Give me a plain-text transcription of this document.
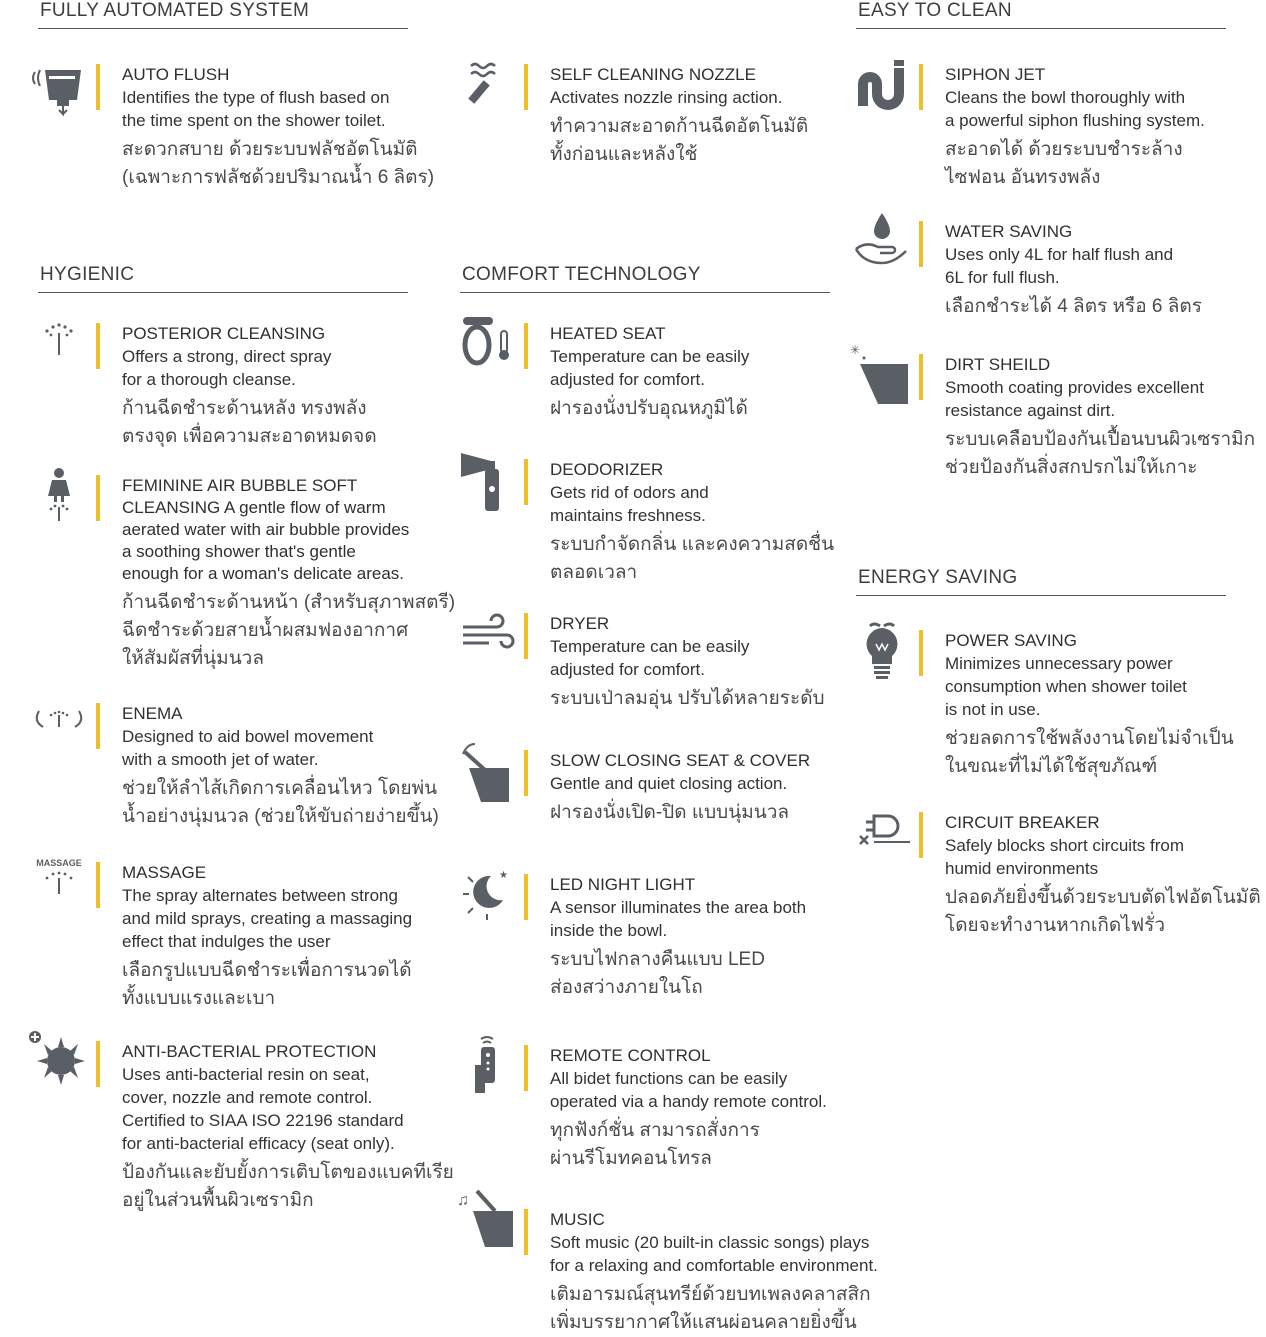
FULLY AUTOMATED SYSTEM	EASY TO CLEAN
HYGIENIC	COMFORT TECHNOLOGY
ENERGY SAVING
AUTO FLUSH
Identifies the type of flush based on
the time spent on the shower toilet.
สะดวกสบาย ด้วยระบบฟลัชอัตโนมัติ
(เฉพาะการฟลัชด้วยปริมาณน้ำ 6 ลิตร)
POSTERIOR CLEANSING
Offers a strong, direct spray
for a thorough cleanse.
ก้านฉีดชำระด้านหลัง ทรงพลัง
ตรงจุด เพื่อความสะอาดหมดจด
FEMININE AIR BUBBLE SOFT
CLEANSING A gentle flow of warm
aerated water with air bubble provides
a soothing shower that's gentle
enough for a woman's delicate areas.
ก้านฉีดชำระด้านหน้า (สำหรับสุภาพสตรี)
ฉีดชำระด้วยสายน้ำผสมฟองอากาศ
ให้สัมผัสที่นุ่มนวล
ENEMA
Designed to aid bowel movement
with a smooth jet of water.
ช่วยให้ลำไส้เกิดการเคลื่อนไหว โดยพ่น
น้ำอย่างนุ่มนวล (ช่วยให้ขับถ่ายง่ายขึ้น)
MASSAGE	MASSAGE
The spray alternates between strong
and mild sprays, creating a massaging
effect that indulges the user
เลือกรูปแบบฉีดชำระเพื่อการนวดได้
ทั้งแบบแรงและเบา
ANTI-BACTERIAL PROTECTION
Uses anti-bacterial resin on seat,
cover, nozzle and remote control.
Certified to SIAA ISO 22196 standard
for anti-bacterial efficacy (seat only).
ป้องกันและยับยั้งการเติบโตของแบคทีเรีย
อยู่ในส่วนพื้นผิวเซรามิก
SELF CLEANING NOZZLE
Activates nozzle rinsing action.
ทำความสะอาดก้านฉีดอัตโนมัติ
ทั้งก่อนและหลังใช้
HEATED SEAT
Temperature can be easily
adjusted for comfort.
ฝารองนั่งปรับอุณหภูมิได้
DEODORIZER
Gets rid of odors and
maintains freshness.
ระบบกำจัดกลิ่น และคงความสดชื่น
ตลอดเวลา
DRYER
Temperature can be easily
adjusted for comfort.
ระบบเป่าลมอุ่น ปรับได้หลายระดับ
SLOW CLOSING SEAT & COVER
Gentle and quiet closing action.
ฝารองนั่งเปิด-ปิด แบบนุ่มนวล
★ LED NIGHT LIGHT
A sensor illuminates the area both
inside the bowl.
ระบบไฟกลางคืนแบบ LED
ส่องสว่างภายในโถ
REMOTE CONTROL
All bidet functions can be easily
operated via a handy remote control.
ทุกฟังก์ชั่น สามารถสั่งการ
ผ่านรีโมทคอนโทรล
♫
MUSIC
Soft music (20 built-in classic songs) plays
for a relaxing and comfortable environment.
เติมอารมณ์สุนทรีย์ด้วยบทเพลงคลาสสิก
เพิ่มบรรยากาศให้แสนผ่อนคลายยิ่งขึ้น
SIPHON JET
Cleans the bowl thoroughly with
a powerful siphon flushing system.
สะอาดได้ ด้วยระบบชำระล้าง
ไซฟอน อันทรงพลัง
WATER SAVING
Uses only 4L for half flush and
6L for full flush.
เลือกชำระได้ 4 ลิตร หรือ 6 ลิตร
✳
DIRT SHEILD
Smooth coating provides excellent
resistance against dirt.
ระบบเคลือบป้องกันเปื้อนบนผิวเซรามิก
ช่วยป้องกันสิ่งสกปรกไม่ให้เกาะ
POWER SAVING
Minimizes unnecessary power
consumption when shower toilet
is not in use.
ช่วยลดการใช้พลังงานโดยไม่จำเป็น
ในขณะที่ไม่ได้ใช้สุขภัณฑ์
CIRCUIT BREAKER
Safely blocks short circuits from
humid environments
ปลอดภัยยิ่งขึ้นด้วยระบบตัดไฟอัตโนมัติ
โดยจะทำงานหากเกิดไฟรั่ว
